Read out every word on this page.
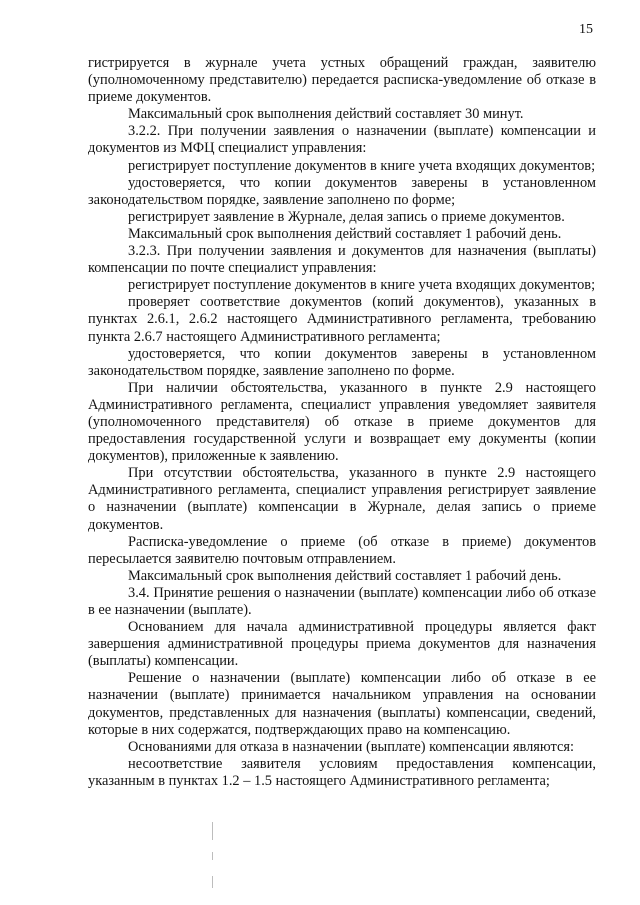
15

гистрируется в журнале учета устных обращений граждан, заявителю (уполномоченному представителю) передается расписка-уведомление об отказе в приеме документов.

Максимальный срок выполнения действий составляет 30 минут.

3.2.2. При получении заявления о назначении (выплате) компенсации и документов из МФЦ специалист управления:

регистрирует поступление документов в книге учета входящих документов;

удостоверяется, что копии документов заверены в установленном законодательством порядке, заявление заполнено по форме;

регистрирует заявление в Журнале, делая запись о приеме документов.

Максимальный срок выполнения действий составляет 1 рабочий день.

3.2.3. При получении заявления и документов для назначения (выплаты) компенсации по почте специалист управления:

регистрирует поступление документов в книге учета входящих документов;

проверяет соответствие документов (копий документов), указанных в пунктах 2.6.1, 2.6.2 настоящего Административного регламента, требованию пункта 2.6.7 настоящего Административного регламента;

удостоверяется, что копии документов заверены в установленном законодательством порядке, заявление заполнено по форме.

При наличии обстоятельства, указанного в пункте 2.9 настоящего Административного регламента, специалист управления уведомляет заявителя (уполномоченного представителя) об отказе в приеме документов для предоставления государственной услуги и возвращает ему документы (копии документов), приложенные к заявлению.

При отсутствии обстоятельства, указанного в пункте 2.9 настоящего Административного регламента, специалист управления регистрирует заявление о назначении (выплате) компенсации в Журнале, делая запись о приеме документов.

Расписка-уведомление о приеме (об отказе в приеме) документов пересылается заявителю почтовым отправлением.

Максимальный срок выполнения действий составляет 1 рабочий день.

3.4. Принятие решения о назначении (выплате) компенсации либо об отказе в ее назначении (выплате).

Основанием для начала административной процедуры является факт завершения административной процедуры приема документов для назначения (выплаты) компенсации.

Решение о назначении (выплате) компенсации либо об отказе в ее назначении (выплате) принимается начальником управления на основании документов, представленных для назначения (выплаты) компенсации, сведений, которые в них содержатся, подтверждающих право на компенсацию.

Основаниями для отказа в назначении (выплате) компенсации являются:

несоответствие заявителя условиям предоставления компенсации, указанным в пунктах 1.2 – 1.5 настоящего Административного регламента;
